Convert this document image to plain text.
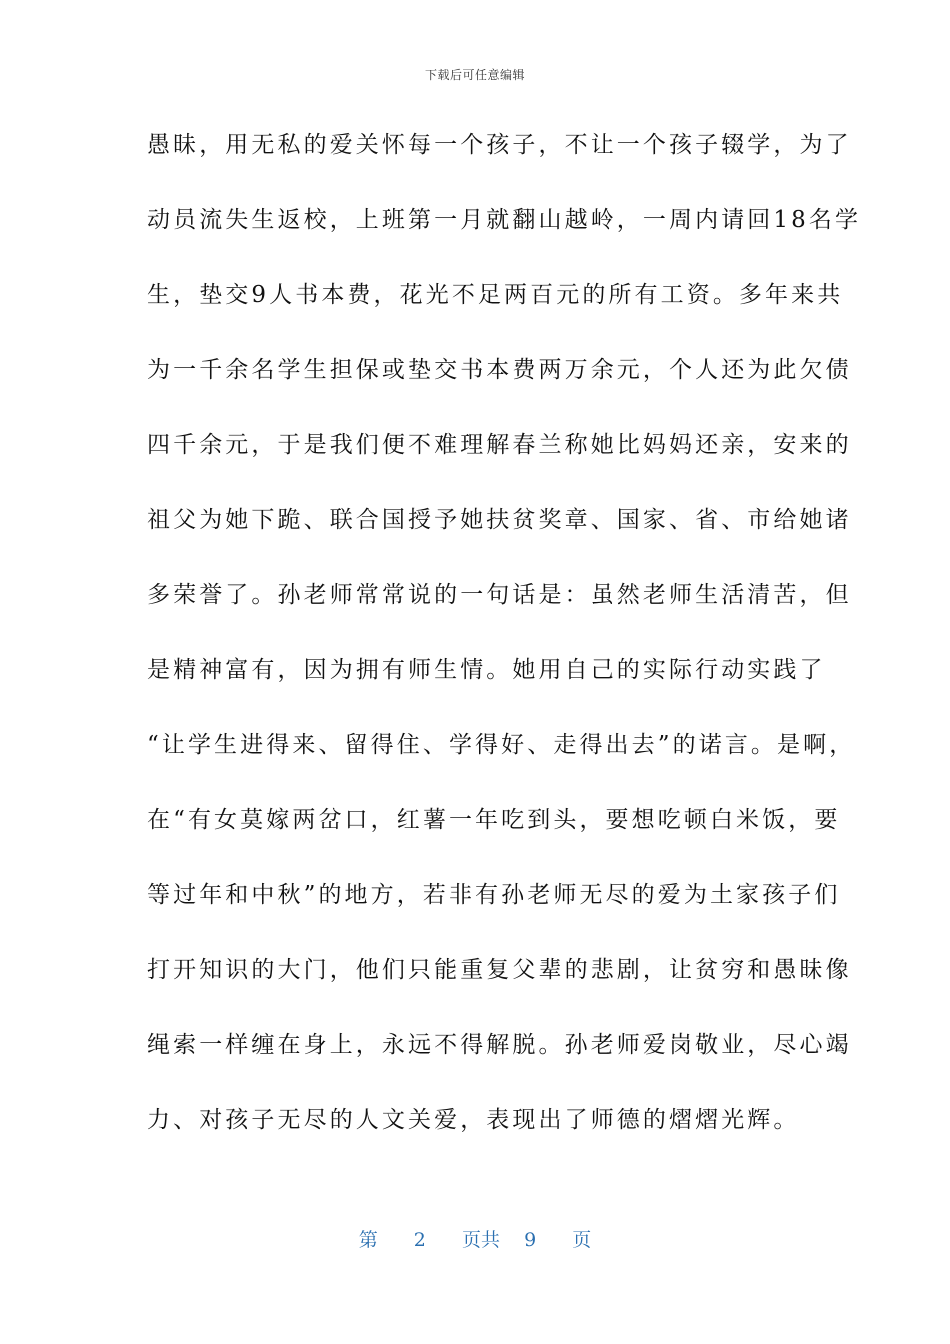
下载后可任意编辑
愚昧，用无私的爱关怀每一个孩子，不让一个孩子辍学，为了
动员流失生返校，上班第一月就翻山越岭，一周内请回18名学
生，垫交9人书本费，花光不足两百元的所有工资。多年来共
为一千余名学生担保或垫交书本费两万余元，个人还为此欠债
四千余元，于是我们便不难理解春兰称她比妈妈还亲，安来的
祖父为她下跪、联合国授予她扶贫奖章、国家、省、市给她诸
多荣誉了。孙老师常常说的一句话是：虽然老师生活清苦，但
是精神富有，因为拥有师生情。她用自己的实际行动实践了
“让学生进得来、留得住、学得好、走得出去”的诺言。是啊，
在“有女莫嫁两岔口，红薯一年吃到头，要想吃顿白米饭，要
等过年和中秋”的地方，若非有孙老师无尽的爱为土家孩子们
打开知识的大门，他们只能重复父辈的悲剧，让贫穷和愚昧像
绳索一样缠在身上，永远不得解脱。孙老师爱岗敬业，尽心竭
力、对孩子无尽的人文关爱，表现出了师德的熠熠光辉。
第 2 页共 9 页
